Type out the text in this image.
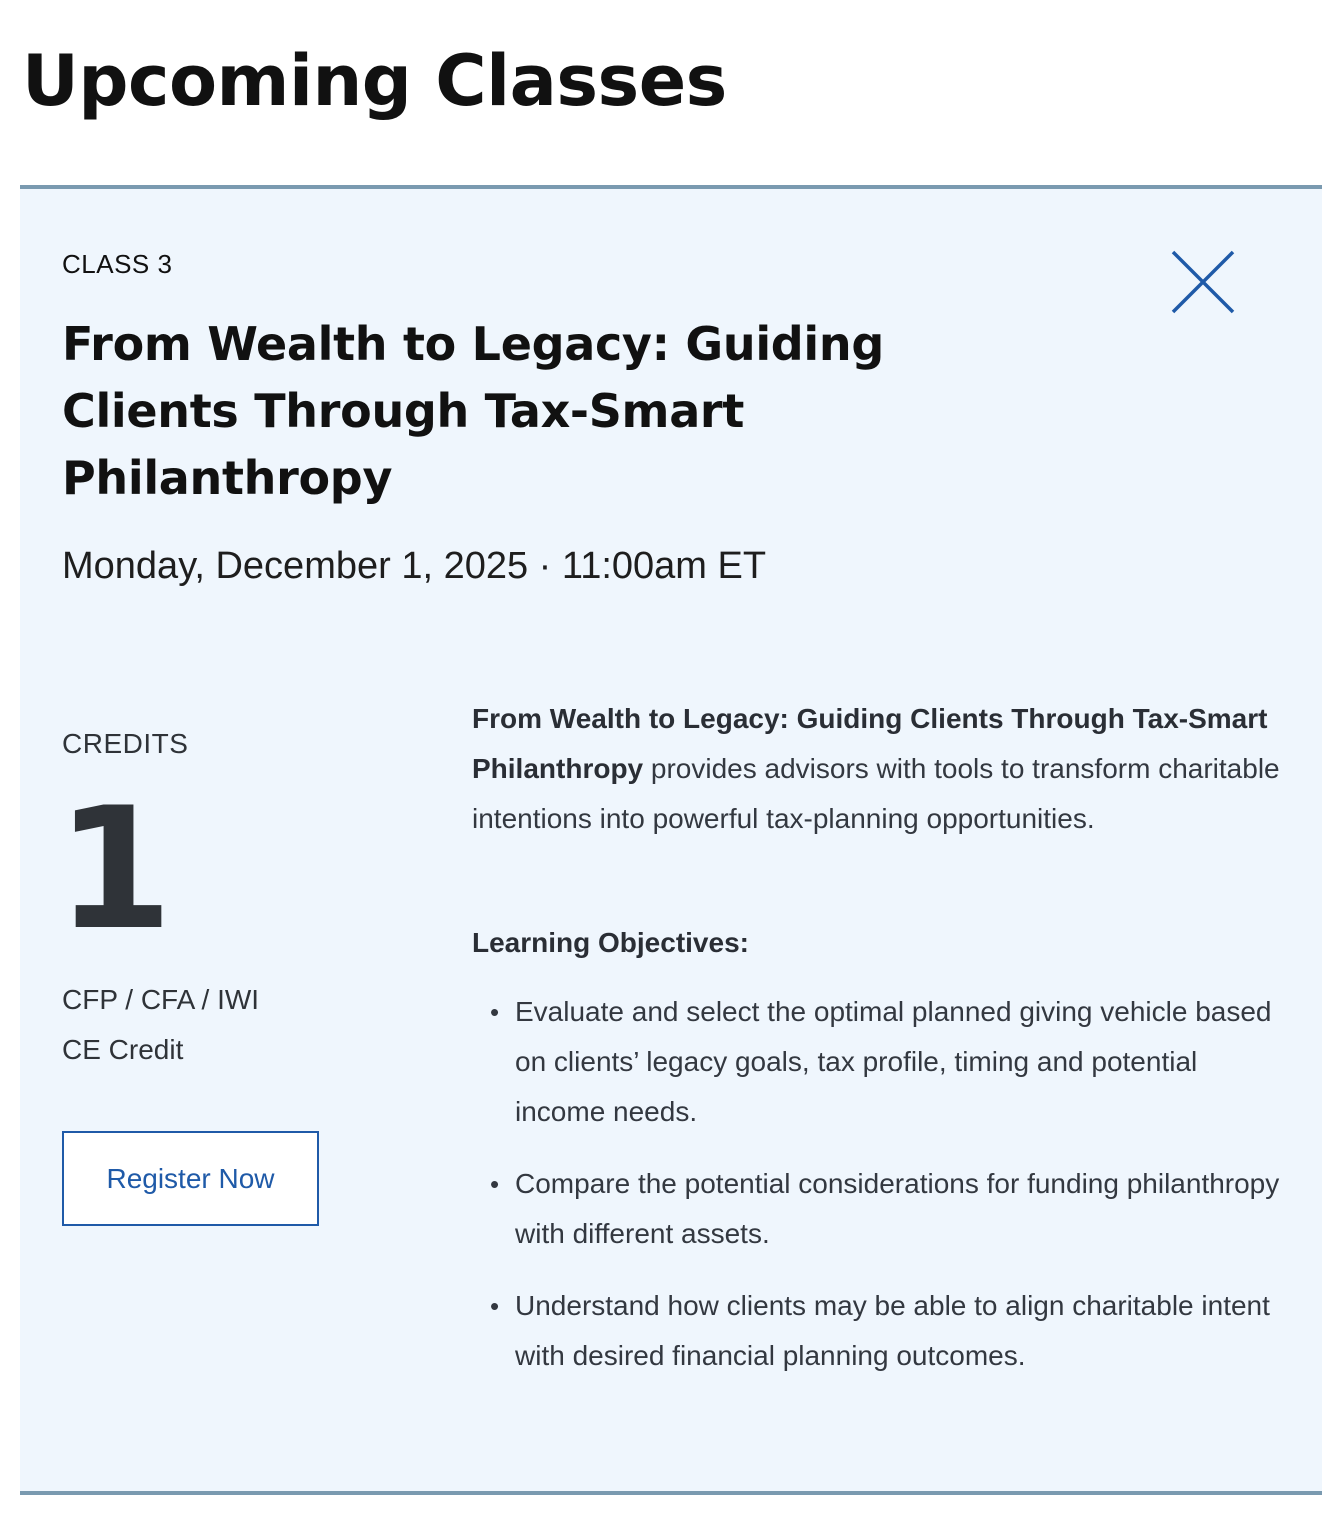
Upcoming Classes
CLASS 3
From Wealth to Legacy: Guiding Clients Through Tax-Smart Philanthropy
Monday, December 1, 2025 · 11:00am ET
CREDITS
1
CFP / CFA / IWI
CE Credit
Register Now

From Wealth to Legacy: Guiding Clients Through Tax-Smart Philanthropy provides advisors with tools to transform charitable intentions into powerful tax-planning opportunities.

Learning Objectives:
• Evaluate and select the optimal planned giving vehicle based on clients’ legacy goals, tax profile, timing and potential income needs.
• Compare the potential considerations for funding philanthropy with different assets.
• Understand how clients may be able to align charitable intent with desired financial planning outcomes.
